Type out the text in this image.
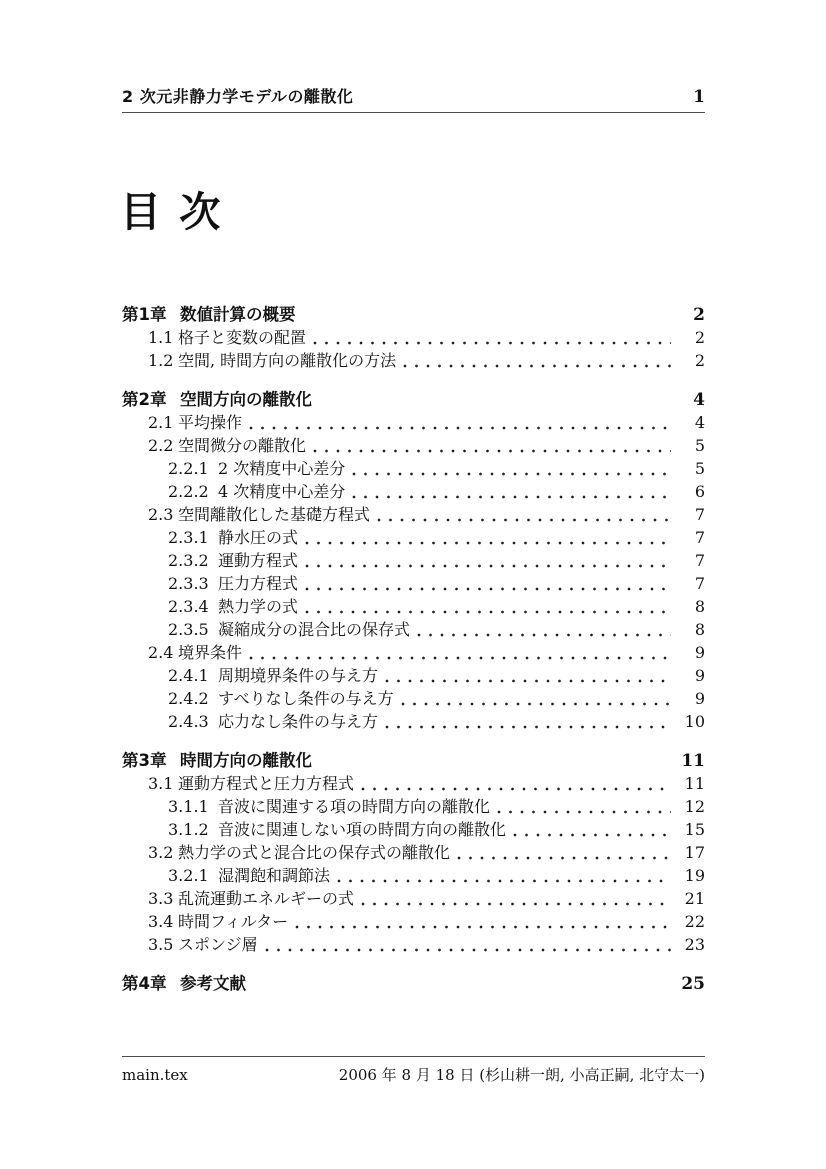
2 次元非静力学モデルの離散化	1
目 次
第1章 数値計算の概要	2
1.1 格子と変数の配置	2
1.2 空間, 時間方向の離散化の方法	2
第2章 空間方向の離散化	4
2.1 平均操作	4
2.2 空間微分の離散化	5
2.2.1 2 次精度中心差分	5
2.2.2 4 次精度中心差分	6
2.3 空間離散化した基礎方程式	7
2.3.1 静水圧の式	7
2.3.2 運動方程式	7
2.3.3 圧力方程式	7
2.3.4 熱力学の式	8
2.3.5 凝縮成分の混合比の保存式	8
2.4 境界条件	9
2.4.1 周期境界条件の与え方	9
2.4.2 すべりなし条件の与え方	9
2.4.3 応力なし条件の与え方	10
第3章 時間方向の離散化	11
3.1 運動方程式と圧力方程式	11
3.1.1 音波に関連する項の時間方向の離散化	12
3.1.2 音波に関連しない項の時間方向の離散化	15
3.2 熱力学の式と混合比の保存式の離散化	17
3.2.1 湿潤飽和調節法	19
3.3 乱流運動エネルギーの式	21
3.4 時間フィルター	22
3.5 スポンジ層	23
第4章 参考文献	25
main.tex	2006 年 8 月 18 日 (杉山耕一朗, 小高正嗣, 北守太一)
